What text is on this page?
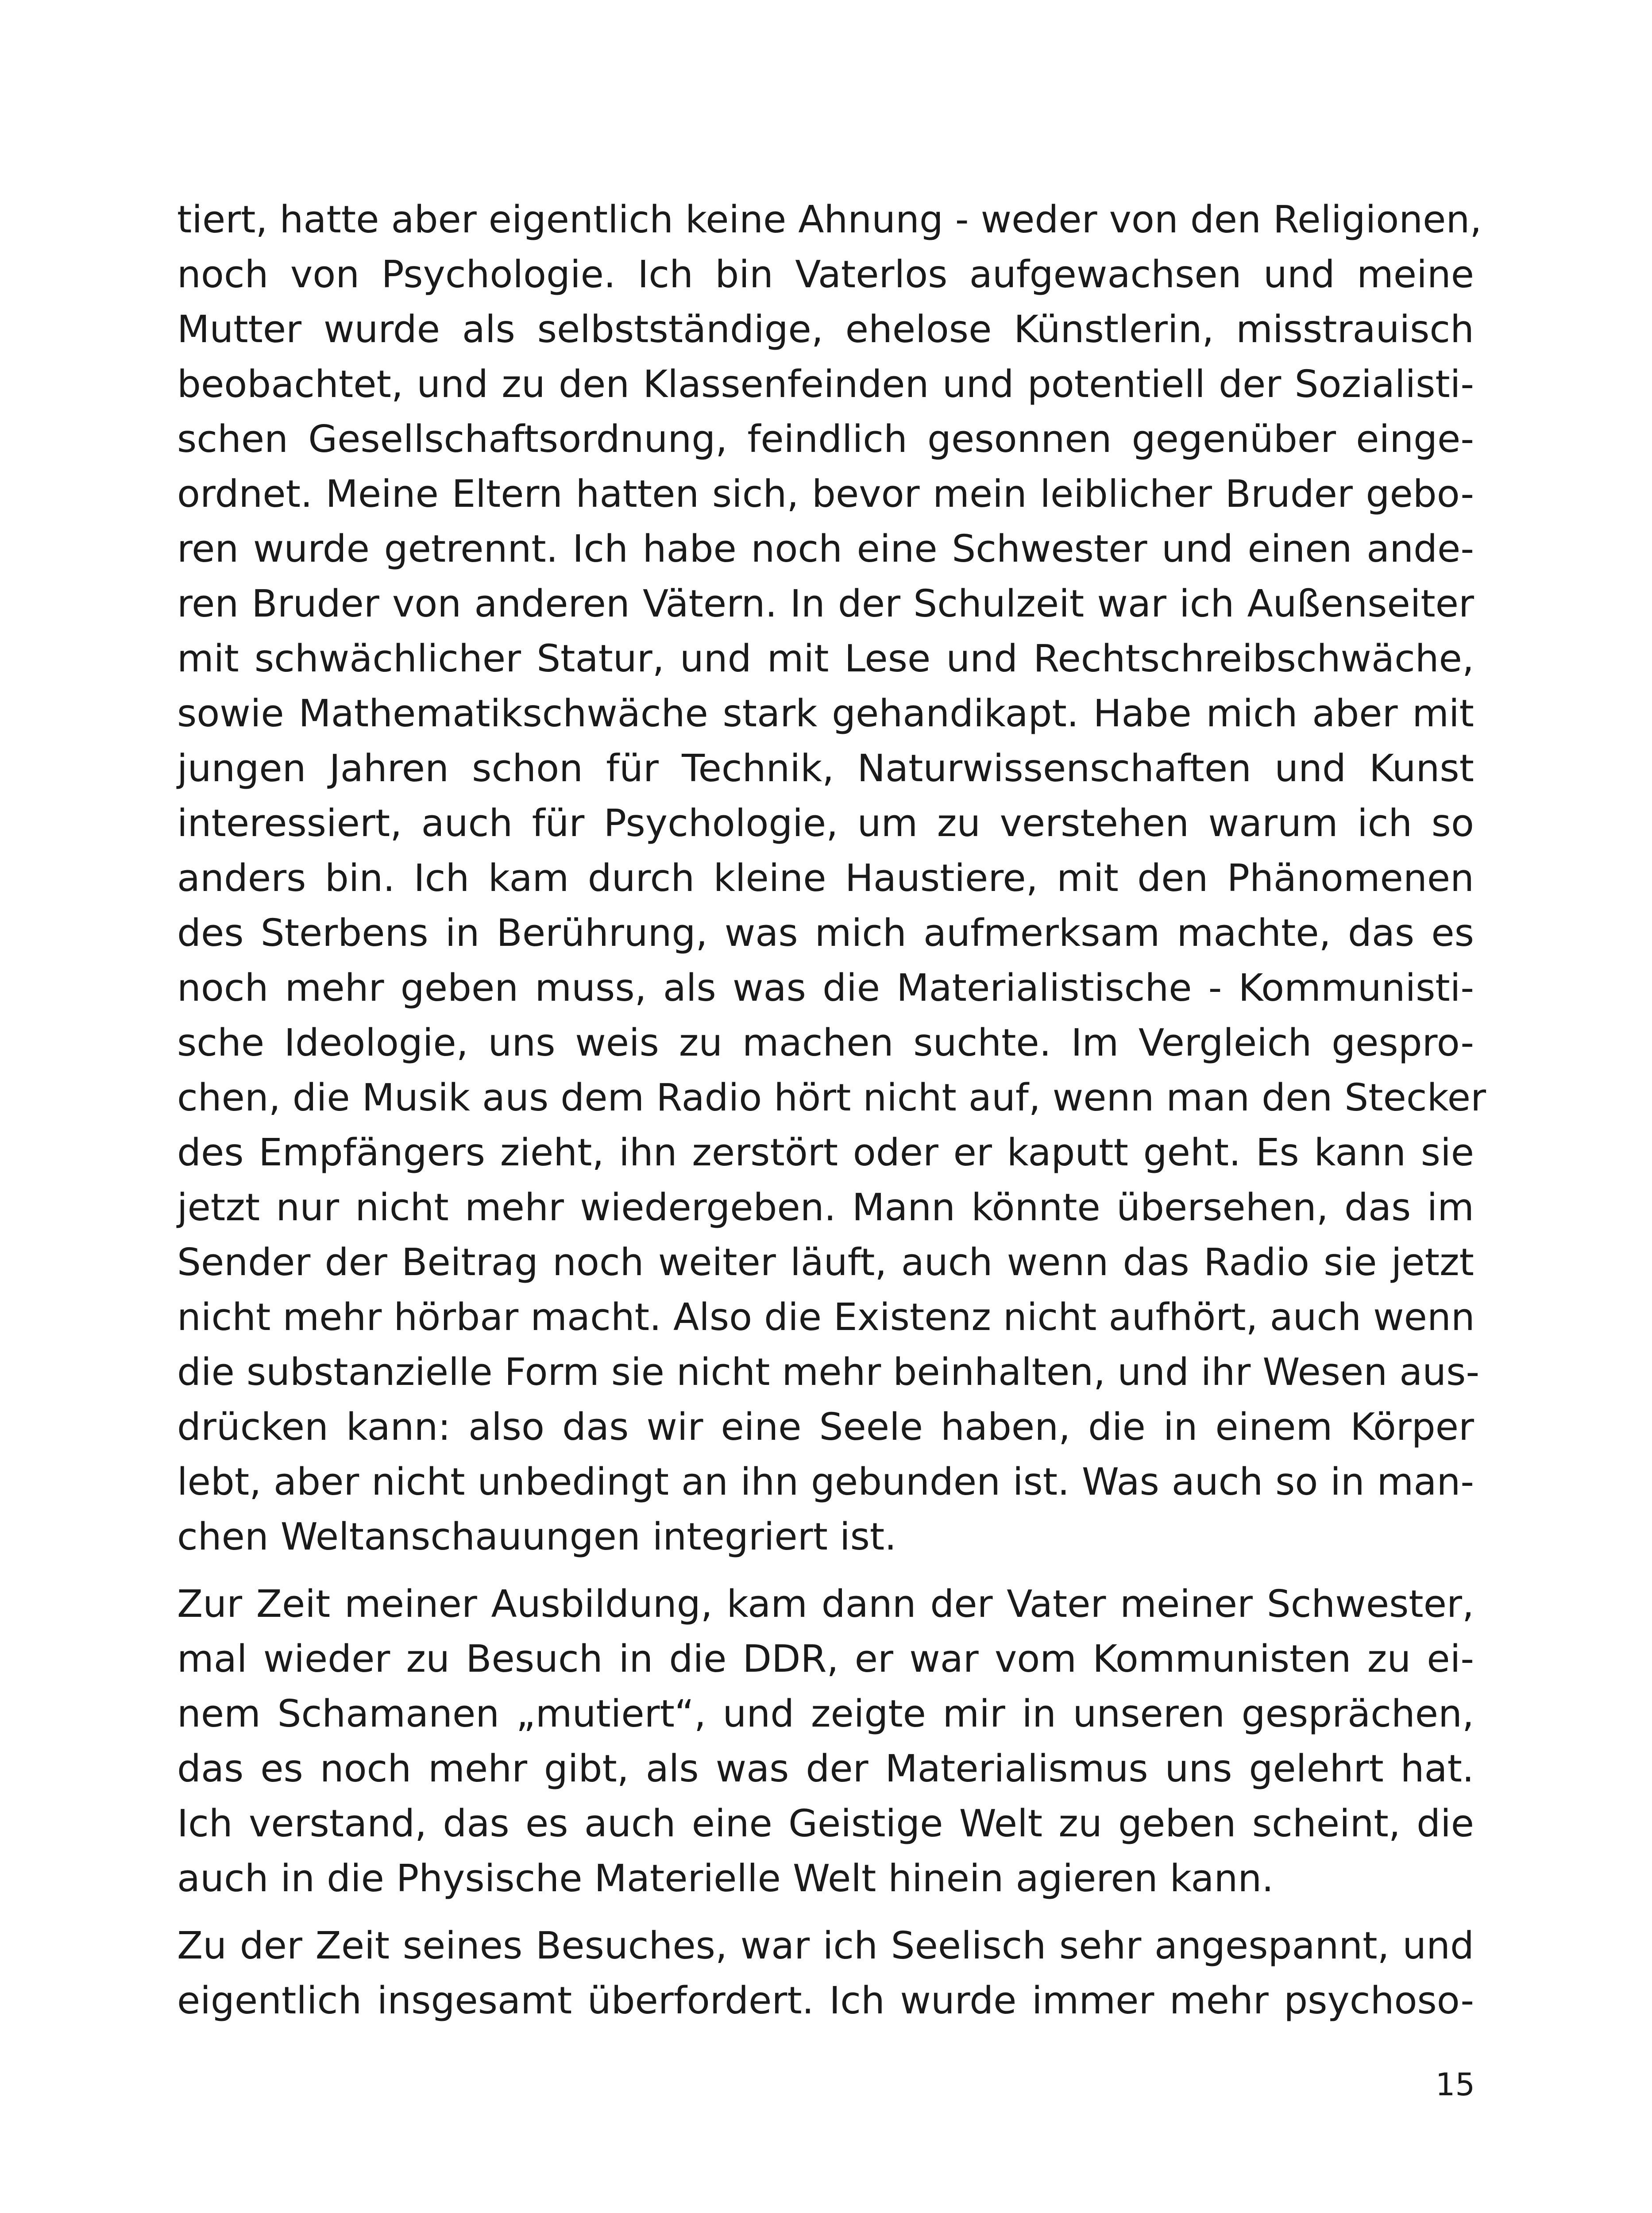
tiert, hatte aber eigentlich keine Ahnung - weder von den Religionen,
noch von Psychologie. Ich bin Vaterlos aufgewachsen und meine
Mutter wurde als selbstständige, ehelose Künstlerin, misstrauisch
beobachtet, und zu den Klassenfeinden und potentiell der Sozialisti-
schen Gesellschaftsordnung, feindlich gesonnen gegenüber einge-
ordnet. Meine Eltern hatten sich, bevor mein leiblicher Bruder gebo-
ren wurde getrennt. Ich habe noch eine Schwester und einen ande-
ren Bruder von anderen Vätern. In der Schulzeit war ich Außenseiter
mit schwächlicher Statur, und mit Lese und Rechtschreibschwäche,
sowie Mathematikschwäche stark gehandikapt. Habe mich aber mit
jungen Jahren schon für Technik, Naturwissenschaften und Kunst
interessiert, auch für Psychologie, um zu verstehen warum ich so
anders bin. Ich kam durch kleine Haustiere, mit den Phänomenen
des Sterbens in Berührung, was mich aufmerksam machte, das es
noch mehr geben muss, als was die Materialistische - Kommunisti-
sche Ideologie, uns weis zu machen suchte. Im Vergleich gespro-
chen, die Musik aus dem Radio hört nicht auf, wenn man den Stecker
des Empfängers zieht, ihn zerstört oder er kaputt geht. Es kann sie
jetzt nur nicht mehr wiedergeben. Mann könnte übersehen, das im
Sender der Beitrag noch weiter läuft, auch wenn das Radio sie jetzt
nicht mehr hörbar macht. Also die Existenz nicht aufhört, auch wenn
die substanzielle Form sie nicht mehr beinhalten, und ihr Wesen aus-
drücken kann: also das wir eine Seele haben, die in einem Körper
lebt, aber nicht unbedingt an ihn gebunden ist. Was auch so in man-
chen Weltanschauungen integriert ist.

Zur Zeit meiner Ausbildung, kam dann der Vater meiner Schwester,
mal wieder zu Besuch in die DDR, er war vom Kommunisten zu ei-
nem Schamanen „mutiert“, und zeigte mir in unseren gesprächen,
das es noch mehr gibt, als was der Materialismus uns gelehrt hat.
Ich verstand, das es auch eine Geistige Welt zu geben scheint, die
auch in die Physische Materielle Welt hinein agieren kann.

Zu der Zeit seines Besuches, war ich Seelisch sehr angespannt, und
eigentlich insgesamt überfordert. Ich wurde immer mehr psychoso-

15
